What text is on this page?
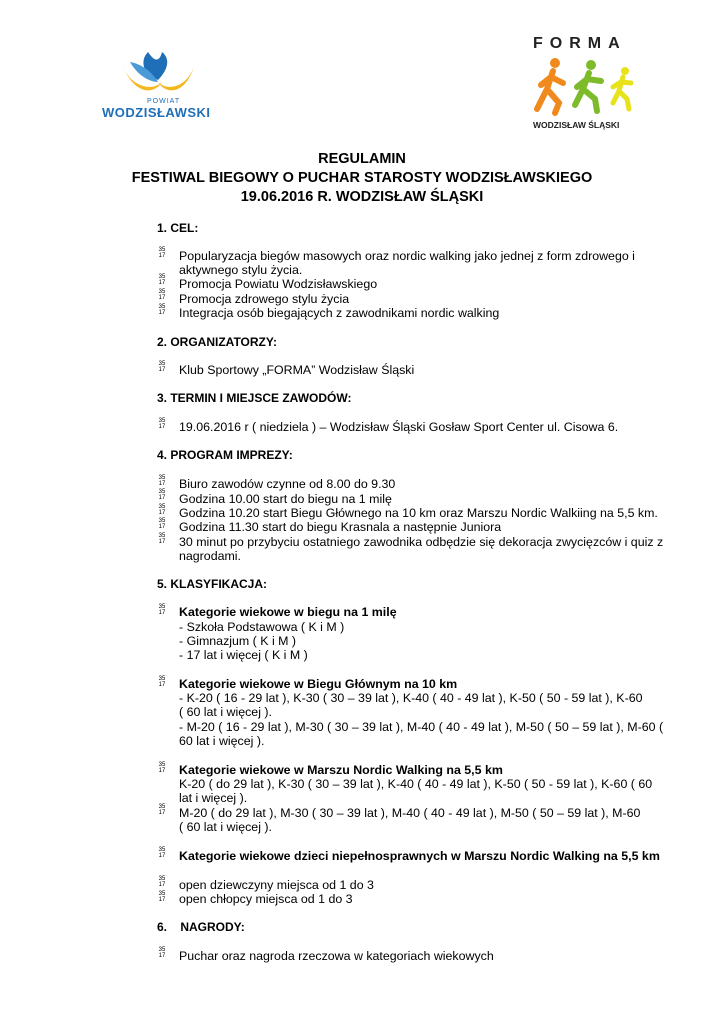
POWIAT
WODZISŁAWSKI
FORMA
WODZISŁAW ŚLĄSKI
REGULAMIN
FESTIWAL BIEGOWY O PUCHAR STAROSTY WODZISŁAWSKIEGO
19.06.2016 R. WODZISŁAW ŚLĄSKI
1. CEL:
35
17 Popularyzacja biegów masowych oraz nordic walking jako jednej z form zdrowego i
aktywnego stylu życia.
35
17 Promocja Powiatu Wodzisławskiego
35
17 Promocja zdrowego stylu życia
35
17 Integracja osób biegających z zawodnikami nordic walking
2. ORGANIZATORZY:
35
17 Klub Sportowy „FORMA” Wodzisław Śląski
3. TERMIN I MIEJSCE ZAWODÓW:
35
17 19.06.2016 r ( niedziela ) – Wodzisław Śląski Gosław Sport Center ul. Cisowa 6.
4. PROGRAM IMPREZY:
35
17 Biuro zawodów czynne od 8.00 do 9.30
35
17 Godzina 10.00 start do biegu na 1 milę
35
17 Godzina 10.20 start Biegu Głównego na 10 km oraz Marszu Nordic Walkiing na 5,5 km.
35
17 Godzina 11.30 start do biegu Krasnala a następnie Juniora
35
17 30 minut po przybyciu ostatniego zawodnika odbędzie się dekoracja zwycięzców i quiz z
nagrodami.
5. KLASYFIKACJA:
35
17 Kategorie wiekowe w biegu na 1 milę
- Szkoła Podstawowa ( K i M )
- Gimnazjum ( K i M )
- 17 lat i więcej ( K i M )
35
17 Kategorie wiekowe w Biegu Głównym na 10 km
- K-20 ( 16 - 29 lat ), K-30 ( 30 – 39 lat ), K-40 ( 40 - 49 lat ), K-50 ( 50 - 59 lat ), K-60
( 60 lat i więcej ).
- M-20 ( 16 - 29 lat ), M-30 ( 30 – 39 lat ), M-40 ( 40 - 49 lat ), M-50 ( 50 – 59 lat ), M-60 (
60 lat i więcej ).
35
17 Kategorie wiekowe w Marszu Nordic Walking na 5,5 km
K-20 ( do 29 lat ), K-30 ( 30 – 39 lat ), K-40 ( 40 - 49 lat ), K-50 ( 50 - 59 lat ), K-60 ( 60
lat i więcej ).
35
17 M-20 ( do 29 lat ), M-30 ( 30 – 39 lat ), M-40 ( 40 - 49 lat ), M-50 ( 50 – 59 lat ), M-60
( 60 lat i więcej ).
35
17 Kategorie wiekowe dzieci niepełnosprawnych w Marszu Nordic Walking na 5,5 km
35
17 open dziewczyny miejsca od 1 do 3
35
17 open chłopcy miejsca od 1 do 3
6.    NAGRODY:
35
17 Puchar oraz nagroda rzeczowa w kategoriach wiekowych
